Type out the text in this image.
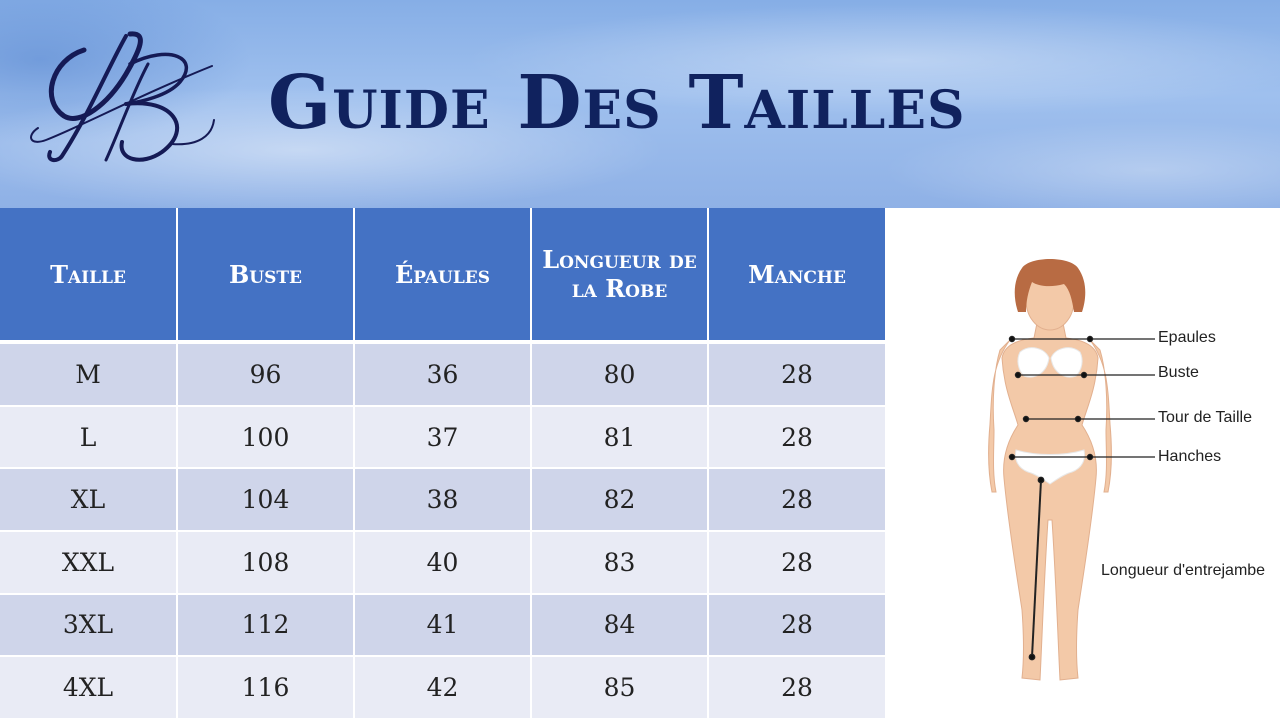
Guide Des Tailles
Taille	Buste	Épaules	Longueur de la Robe	Manche
M	96	36	80	28
L	100	37	81	28
XL	104	38	82	28
XXL	108	40	83	28
3XL	112	41	84	28
4XL	116	42	85	28
Epaules
Buste
Tour de Taille
Hanches
Longueur d'entrejambe
